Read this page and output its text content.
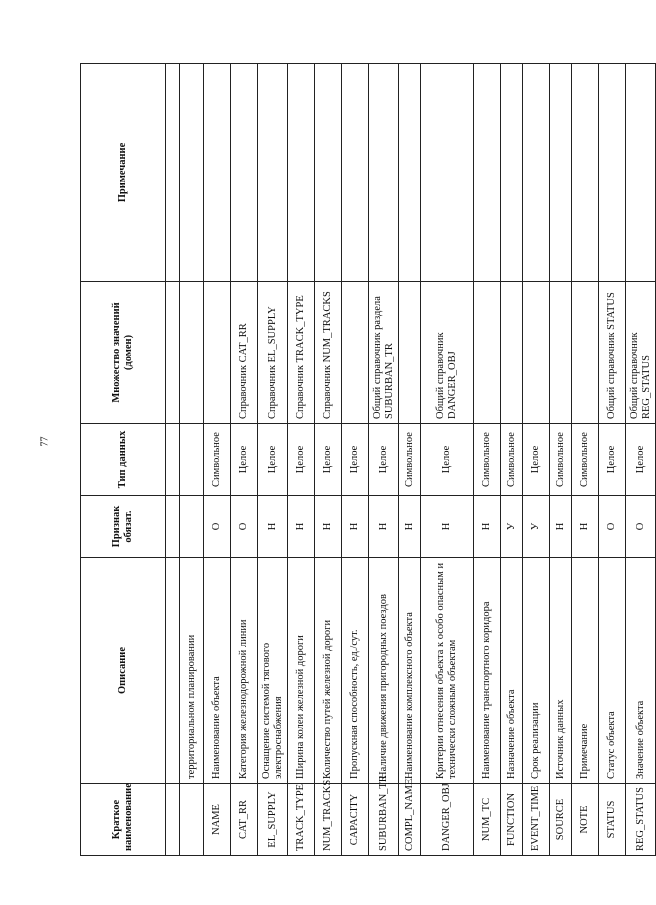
77
Краткое наименование	Описание	Признак обязат.	Тип данных	Множество значений (домен)	Примечание

	территориальном планировании				
NAME	Наименование объекта	О	Символьное		
CAT_RR	Категория железнодорожной линии	О	Целое	Справочник CAT_RR	
EL_SUPPLY	Оснащение системой тягового электроснабжения	Н	Целое	Справочник EL_SUPPLY	
TRACK_TYPE	Ширина колеи железной дороги	Н	Целое	Справочник TRACK_TYPE	
NUM_TRACKS	Количество путей железной дороги	Н	Целое	Справочник NUM_TRACKS	
CAPACITY	Пропускная способность, ед./сут.	Н	Целое		
SUBURBAN_TR	Наличие движения пригородных поездов	Н	Целое	Общий справочник раздела SUBURBAN_TR	
COMPL_NAME	Наименование комплексного объекта	Н	Символьное		
DANGER_OBJ	Критерии отнесения объекта к особо опасным и технически сложным объектам	Н	Целое	Общий справочник DANGER_OBJ	
NUM_TC	Наименование транспортного коридора	Н	Символьное		
FUNCTION	Назначение объекта	У	Символьное		
EVENT_TIME	Срок реализации	У	Целое		
SOURCE	Источник данных	Н	Символьное		
NOTE	Примечание	Н	Символьное		
STATUS	Статус объекта	О	Целое	Общий справочник STATUS	
REG_STATUS	Значение объекта	О	Целое	Общий справочник REG_STATUS	
